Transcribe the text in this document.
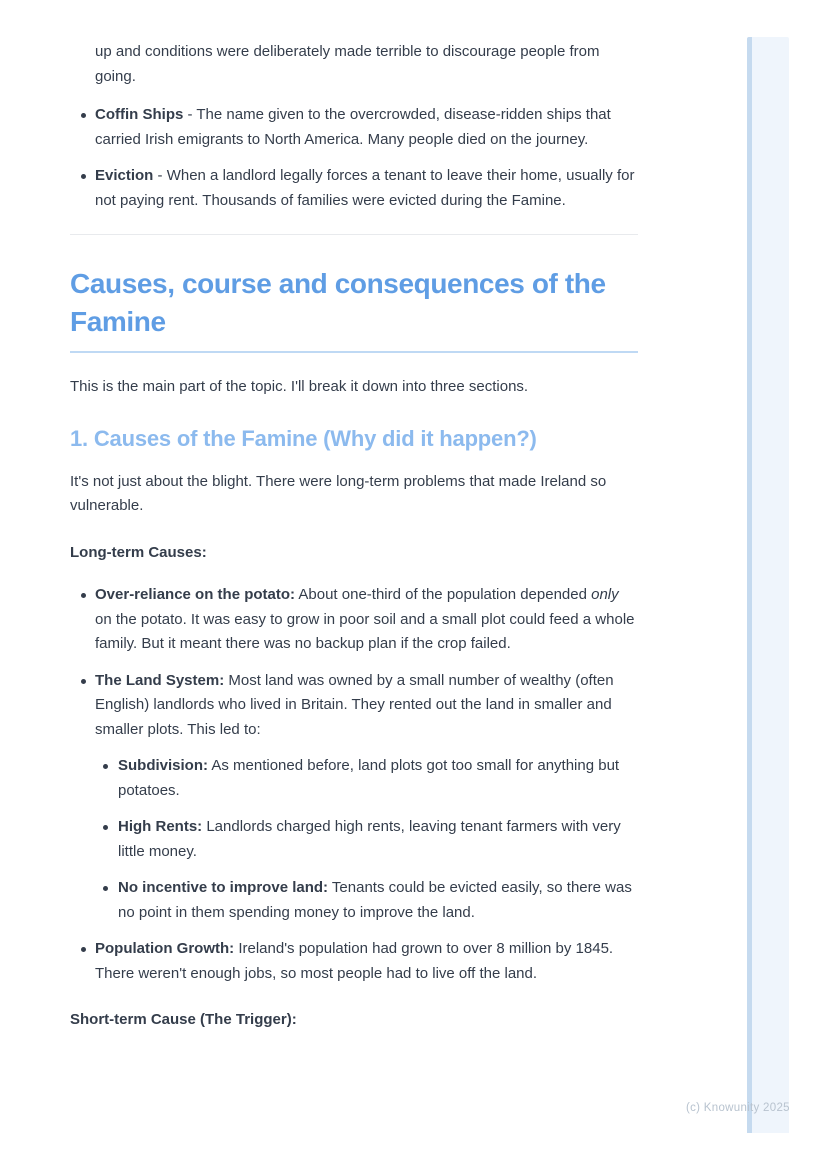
up and conditions were deliberately made terrible to discourage people from going.

Coffin Ships - The name given to the overcrowded, disease-ridden ships that carried Irish emigrants to North America. Many people died on the journey.
Eviction - When a landlord legally forces a tenant to leave their home, usually for not paying rent. Thousands of families were evicted during the Famine.
Causes, course and consequences of the Famine

This is the main part of the topic. I'll break it down into three sections.

1. Causes of the Famine (Why did it happen?)

It's not just about the blight. There were long-term problems that made Ireland so vulnerable.

Long-term Causes:

Over-reliance on the potato: About one-third of the population depended only on the potato. It was easy to grow in poor soil and a small plot could feed a whole family. But it meant there was no backup plan if the crop failed.
The Land System: Most land was owned by a small number of wealthy (often English) landlords who lived in Britain. They rented out the land in smaller and smaller plots. This led to:
Subdivision: As mentioned before, land plots got too small for anything but potatoes.
High Rents: Landlords charged high rents, leaving tenant farmers with very little money.
No incentive to improve land: Tenants could be evicted easily, so there was no point in them spending money to improve the land.
Population Growth: Ireland's population had grown to over 8 million by 1845. There weren't enough jobs, so most people had to live off the land.

Short-term Cause (The Trigger):

(c) Knowunity 2025
